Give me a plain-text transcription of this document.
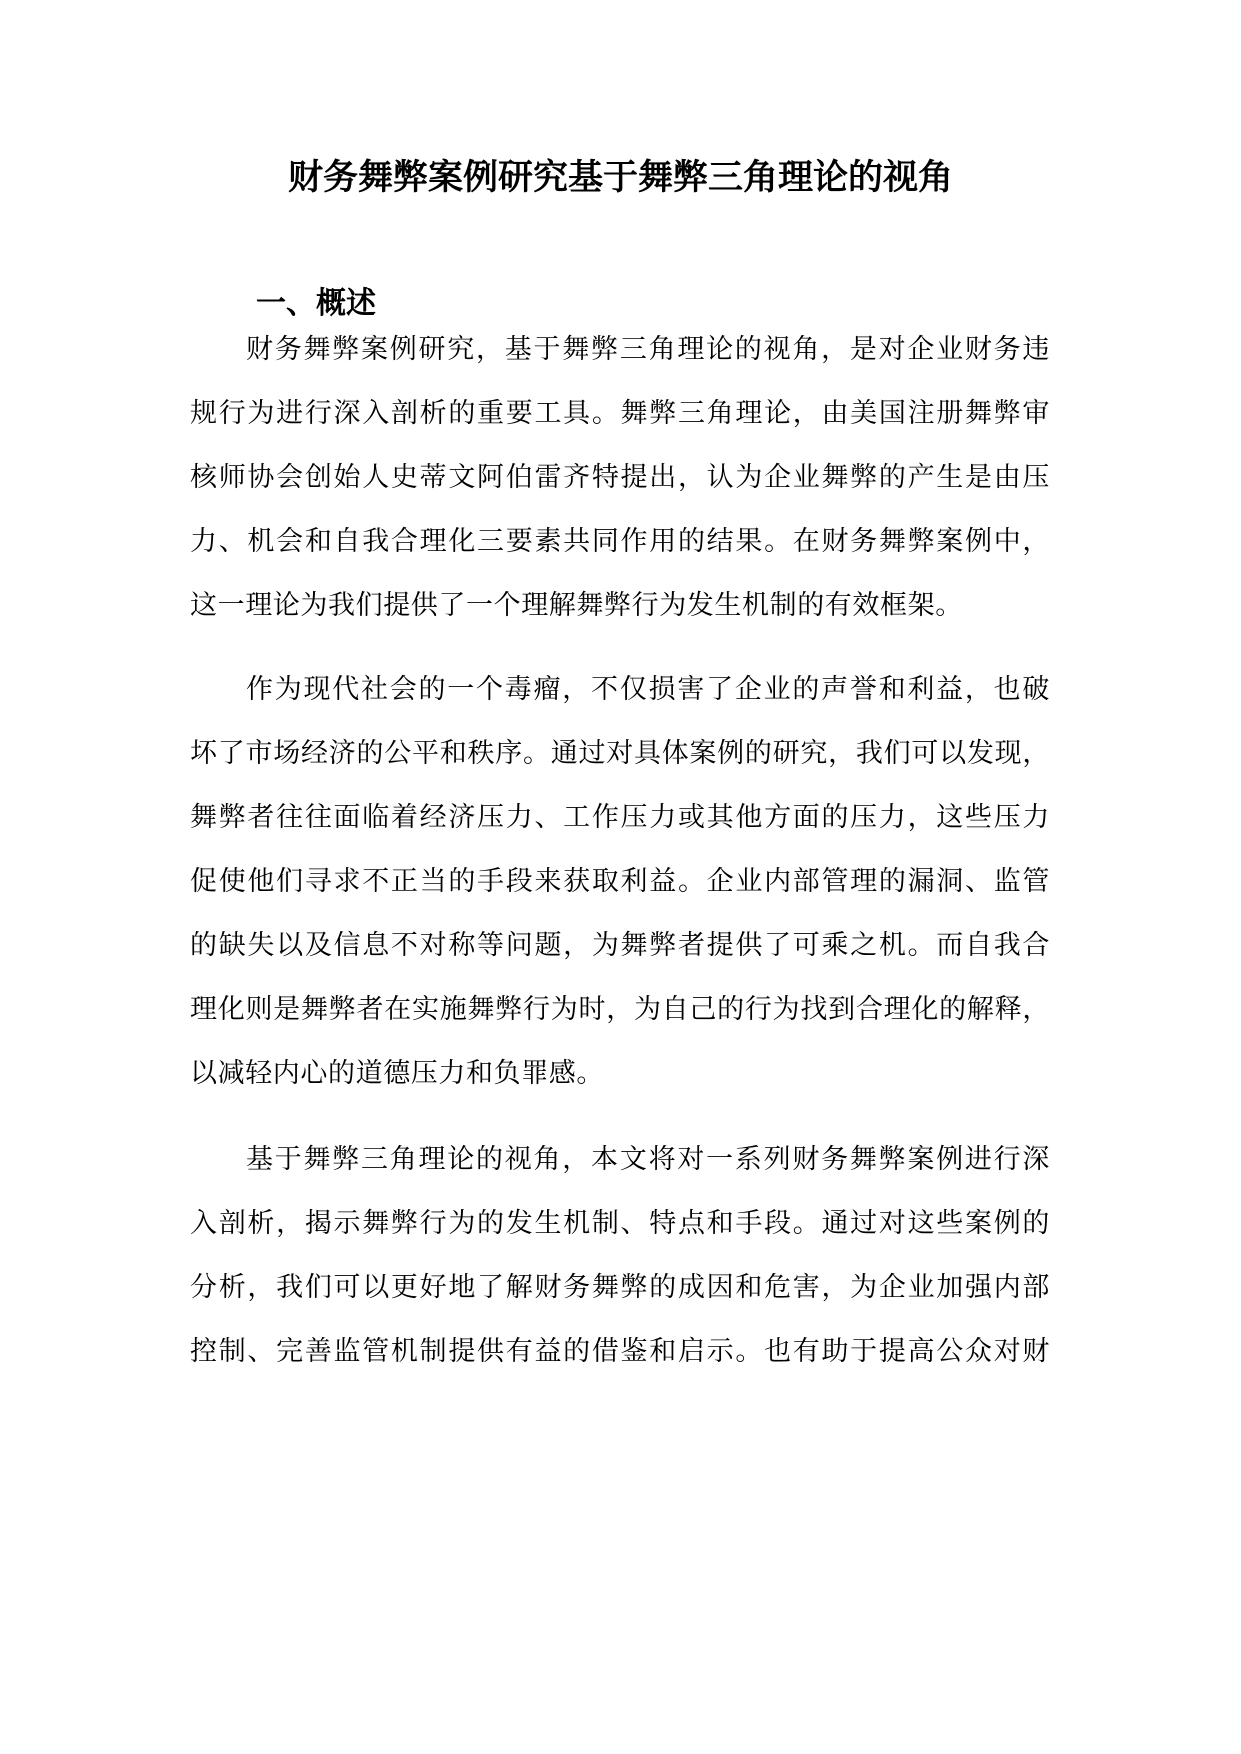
财务舞弊案例研究基于舞弊三角理论的视角
一、概述
财务舞弊案例研究，基于舞弊三角理论的视角，是对企业财务违
规行为进行深入剖析的重要工具。舞弊三角理论，由美国注册舞弊审
核师协会创始人史蒂文阿伯雷齐特提出，认为企业舞弊的产生是由压
力、机会和自我合理化三要素共同作用的结果。在财务舞弊案例中，
这一理论为我们提供了一个理解舞弊行为发生机制的有效框架。
作为现代社会的一个毒瘤，不仅损害了企业的声誉和利益，也破
坏了市场经济的公平和秩序。通过对具体案例的研究，我们可以发现，
舞弊者往往面临着经济压力、工作压力或其他方面的压力，这些压力
促使他们寻求不正当的手段来获取利益。企业内部管理的漏洞、监管
的缺失以及信息不对称等问题，为舞弊者提供了可乘之机。而自我合
理化则是舞弊者在实施舞弊行为时，为自己的行为找到合理化的解释，
以减轻内心的道德压力和负罪感。
基于舞弊三角理论的视角，本文将对一系列财务舞弊案例进行深
入剖析，揭示舞弊行为的发生机制、特点和手段。通过对这些案例的
分析，我们可以更好地了解财务舞弊的成因和危害，为企业加强内部
控制、完善监管机制提供有益的借鉴和启示。也有助于提高公众对财
